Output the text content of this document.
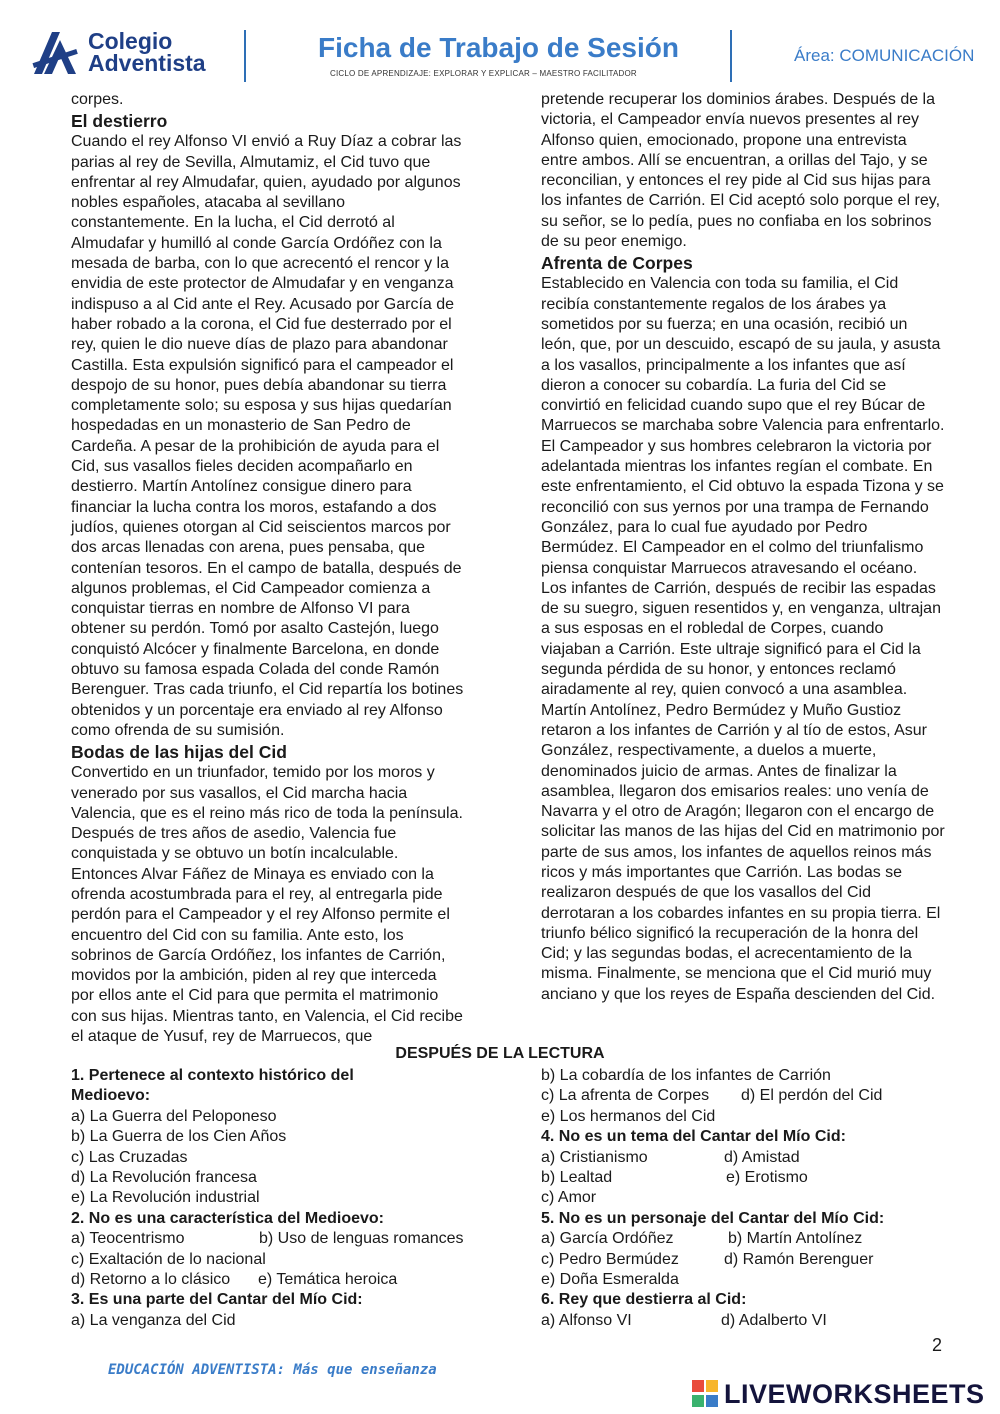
Colegio
Adventista	Ficha de Trabajo de Sesión
CICLO DE APRENDIZAJE: EXPLORAR Y EXPLICAR – MAESTRO FACILITADOR
Área: COMUNICACIÓN

corpes.

El destierro

Cuando el rey Alfonso VI envió a Ruy Díaz a cobrar las parias al rey de Sevilla, Almutamiz, el Cid tuvo que enfrentar al rey Almudafar, quien, ayudado por algunos nobles españoles, atacaba al sevillano constantemente. En la lucha, el Cid derrotó al Almudafar y humilló al conde García Ordóñez con la mesada de barba, con lo que acrecentó el rencor y la envidia de este protector de Almudafar y en venganza indispuso a al Cid ante el Rey. Acusado por García de haber robado a la corona, el Cid fue desterrado por el rey, quien le dio nueve días de plazo para abandonar Castilla. Esta expulsión significó para el campeador el despojo de su honor, pues debía abandonar su tierra completamente solo; su esposa y sus hijas quedarían hospedadas en un monasterio de San Pedro de Cardeña. A pesar de la prohibición de ayuda para el Cid, sus vasallos fieles deciden acompañarlo en destierro. Martín Antolínez consigue dinero para financiar la lucha contra los moros, estafando a dos judíos, quienes otorgan al Cid seiscientos marcos por dos arcas llenadas con arena, pues pensaba, que contenían tesoros. En el campo de batalla, después de algunos problemas, el Cid Campeador comienza a conquistar tierras en nombre de Alfonso VI para obtener su perdón. Tomó por asalto Castejón, luego conquistó Alcócer y finalmente Barcelona, en donde obtuvo su famosa espada Colada del conde Ramón Berenguer. Tras cada triunfo, el Cid repartía los botines obtenidos y un porcentaje era enviado al rey Alfonso como ofrenda de su sumisión.

Bodas de las hijas del Cid

Convertido en un triunfador, temido por los moros y venerado por sus vasallos, el Cid marcha hacia Valencia, que es el reino más rico de toda la península. Después de tres años de asedio, Valencia fue conquistada y se obtuvo un botín incalculable. Entonces Alvar Fáñez de Minaya es enviado con la ofrenda acostumbrada para el rey, al entregarla pide perdón para el Campeador y el rey Alfonso permite el encuentro del Cid con su familia. Ante esto, los sobrinos de García Ordóñez, los infantes de Carrión, movidos por la ambición, piden al rey que interceda por ellos ante el Cid para que permita el matrimonio con sus hijas. Mientras tanto, en Valencia, el Cid recibe el ataque de Yusuf, rey de Marruecos, que

pretende recuperar los dominios árabes. Después de la victoria, el Campeador envía nuevos presentes al rey Alfonso quien, emocionado, propone una entrevista entre ambos. Allí se encuentran, a orillas del Tajo, y se reconcilian, y entonces el rey pide al Cid sus hijas para los infantes de Carrión. El Cid aceptó solo porque el rey, su señor, se lo pedía, pues no confiaba en los sobrinos de su peor enemigo.

Afrenta de Corpes

Establecido en Valencia con toda su familia, el Cid recibía constantemente regalos de los árabes ya sometidos por su fuerza; en una ocasión, recibió un león, que, por un descuido, escapó de su jaula, y asusta a los vasallos, principalmente a los infantes que así dieron a conocer su cobardía. La furia del Cid se convirtió en felicidad cuando supo que el rey Búcar de Marruecos se marchaba sobre Valencia para enfrentarlo. El Campeador y sus hombres celebraron la victoria por adelantada mientras los infantes regían el combate. En este enfrentamiento, el Cid obtuvo la espada Tizona y se reconcilió con sus yernos por una trampa de Fernando González, para lo cual fue ayudado por Pedro Bermúdez. El Campeador en el colmo del triunfalismo piensa conquistar Marruecos atravesando el océano. Los infantes de Carrión, después de recibir las espadas de su suegro, siguen resentidos y, en venganza, ultrajan a sus esposas en el robledal de Corpes, cuando viajaban a Carrión. Este ultraje significó para el Cid la segunda pérdida de su honor, y entonces reclamó airadamente al rey, quien convocó a una asamblea. Martín Antolínez, Pedro Bermúdez y Muño Gustioz retaron a los infantes de Carrión y al tío de estos, Asur González, respectivamente, a duelos a muerte, denominados juicio de armas. Antes de finalizar la asamblea, llegaron dos emisarios reales: uno venía de Navarra y el otro de Aragón; llegaron con el encargo de solicitar las manos de las hijas del Cid en matrimonio por parte de sus amos, los infantes de aquellos reinos más ricos y más importantes que Carrión. Las bodas se realizaron después de que los vasallos del Cid derrotaran a los cobardes infantes en su propia tierra. El triunfo bélico significó la recuperación de la honra del Cid; y las segundas bodas, el acrecentamiento de la misma. Finalmente, se menciona que el Cid murió muy anciano y que los reyes de España descienden del Cid.

DESPUÉS DE LA LECTURA
1. Pertenece al contexto histórico del Medioevo:
a) La Guerra del Peloponeso
b) La Guerra de los Cien Años
c) Las Cruzadas
d) La Revolución francesa
e) La Revolución industrial
2. No es una característica del Medioevo:
a) Teocentrismo	b) Uso de lenguas romances
c) Exaltación de lo nacional
d) Retorno a lo clásico e) Temática heroica
3. Es una parte del Cantar del Mío Cid:
a) La venganza del Cid
b) La cobardía de los infantes de Carrión
c) La afrenta de Corpes d) El perdón del Cid
e) Los hermanos del Cid
4. No es un tema del Cantar del Mío Cid:
a) Cristianismo	d) Amistad
b) Lealtad	e) Erotismo
c) Amor
5. No es un personaje del Cantar del Mío Cid:
a) García Ordóñez	b) Martín Antolínez
c) Pedro Bermúdez	d) Ramón Berenguer
e) Doña Esmeralda
6. Rey que destierra al Cid:
a) Alfonso VI	d) Adalberto VI
2
EDUCACIÓN ADVENTISTA: Más que enseñanza
LIVEWORKSHEETS
